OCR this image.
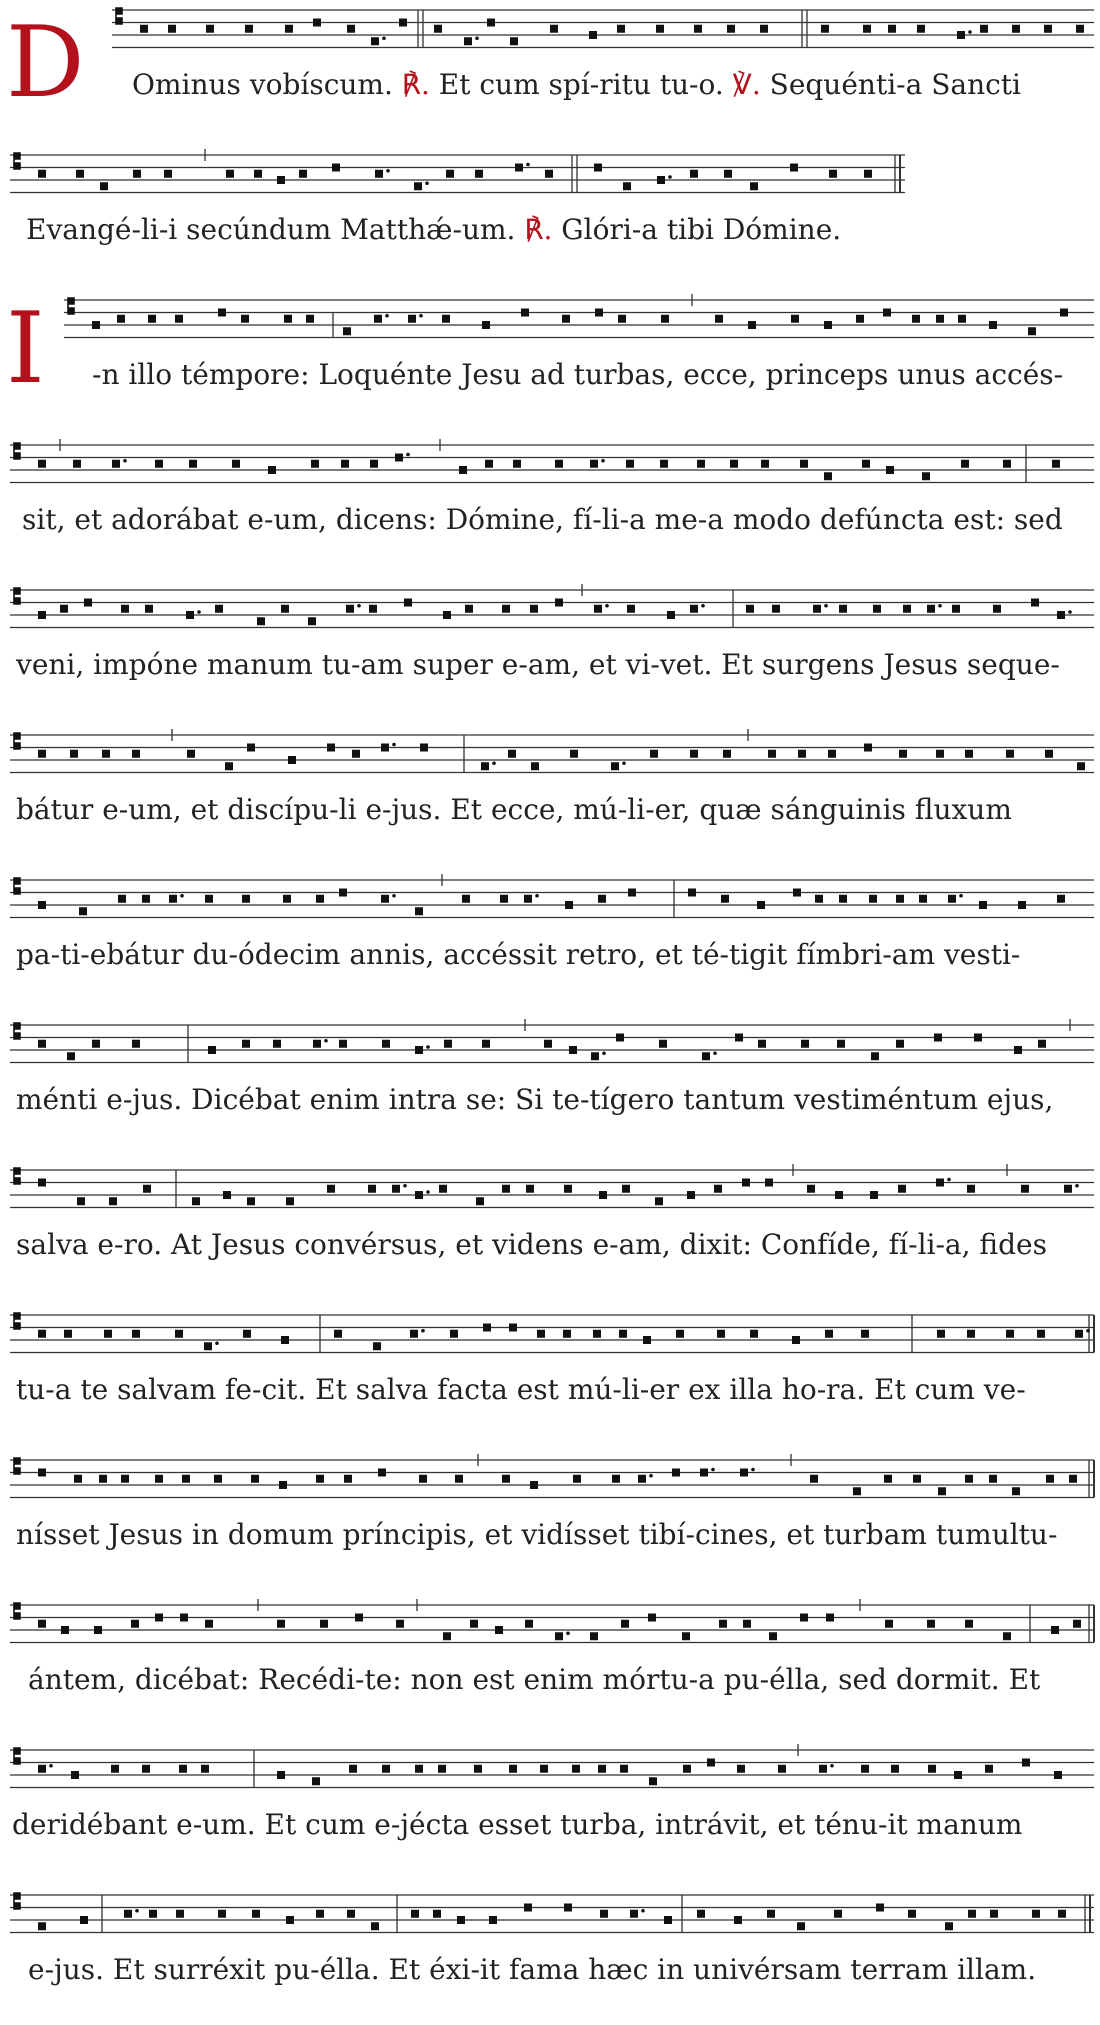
Ominus vobíscum. ℟. Et cum spí-ritu tu-o. ℣. Sequénti-a Sancti
Evangé-li-i secúndum Matthǽ-um. ℟. Glóri-a tibi Dómine.
-n illo témpore: Loquénte Jesu ad turbas, ecce, princeps unus accés-
sit, et adorábat e-um, dicens: Dómine, fí-li-a me-a modo defúncta est: sed
veni, impóne manum tu-am super e-am, et vi-vet. Et surgens Jesus seque-
bátur e-um, et discípu-li e-jus. Et ecce, mú-li-er, quæ sánguinis fluxum
pa-ti-ebátur du-ódecim annis, accéssit retro, et té-tigit fímbri-am vesti-
ménti e-jus. Dicébat enim intra se: Si te-tígero tantum vestiméntum ejus,
salva e-ro. At Jesus convérsus, et videns e-am, dixit: Confíde, fí-li-a, fides
tu-a te salvam fe-cit. Et salva facta est mú-li-er ex illa ho-ra. Et cum ve-
nísset Jesus in domum príncipis, et vidísset tibí-cines, et turbam tumultu-
ántem, dicébat: Recédi-te: non est enim mórtu-a pu-élla, sed dormit. Et
deridébant e-um. Et cum e-jécta esset turba, intrávit, et ténu-it manum
e-jus. Et surréxit pu-élla. Et éxi-it fama hæc in univérsam terram illam.
D
I
